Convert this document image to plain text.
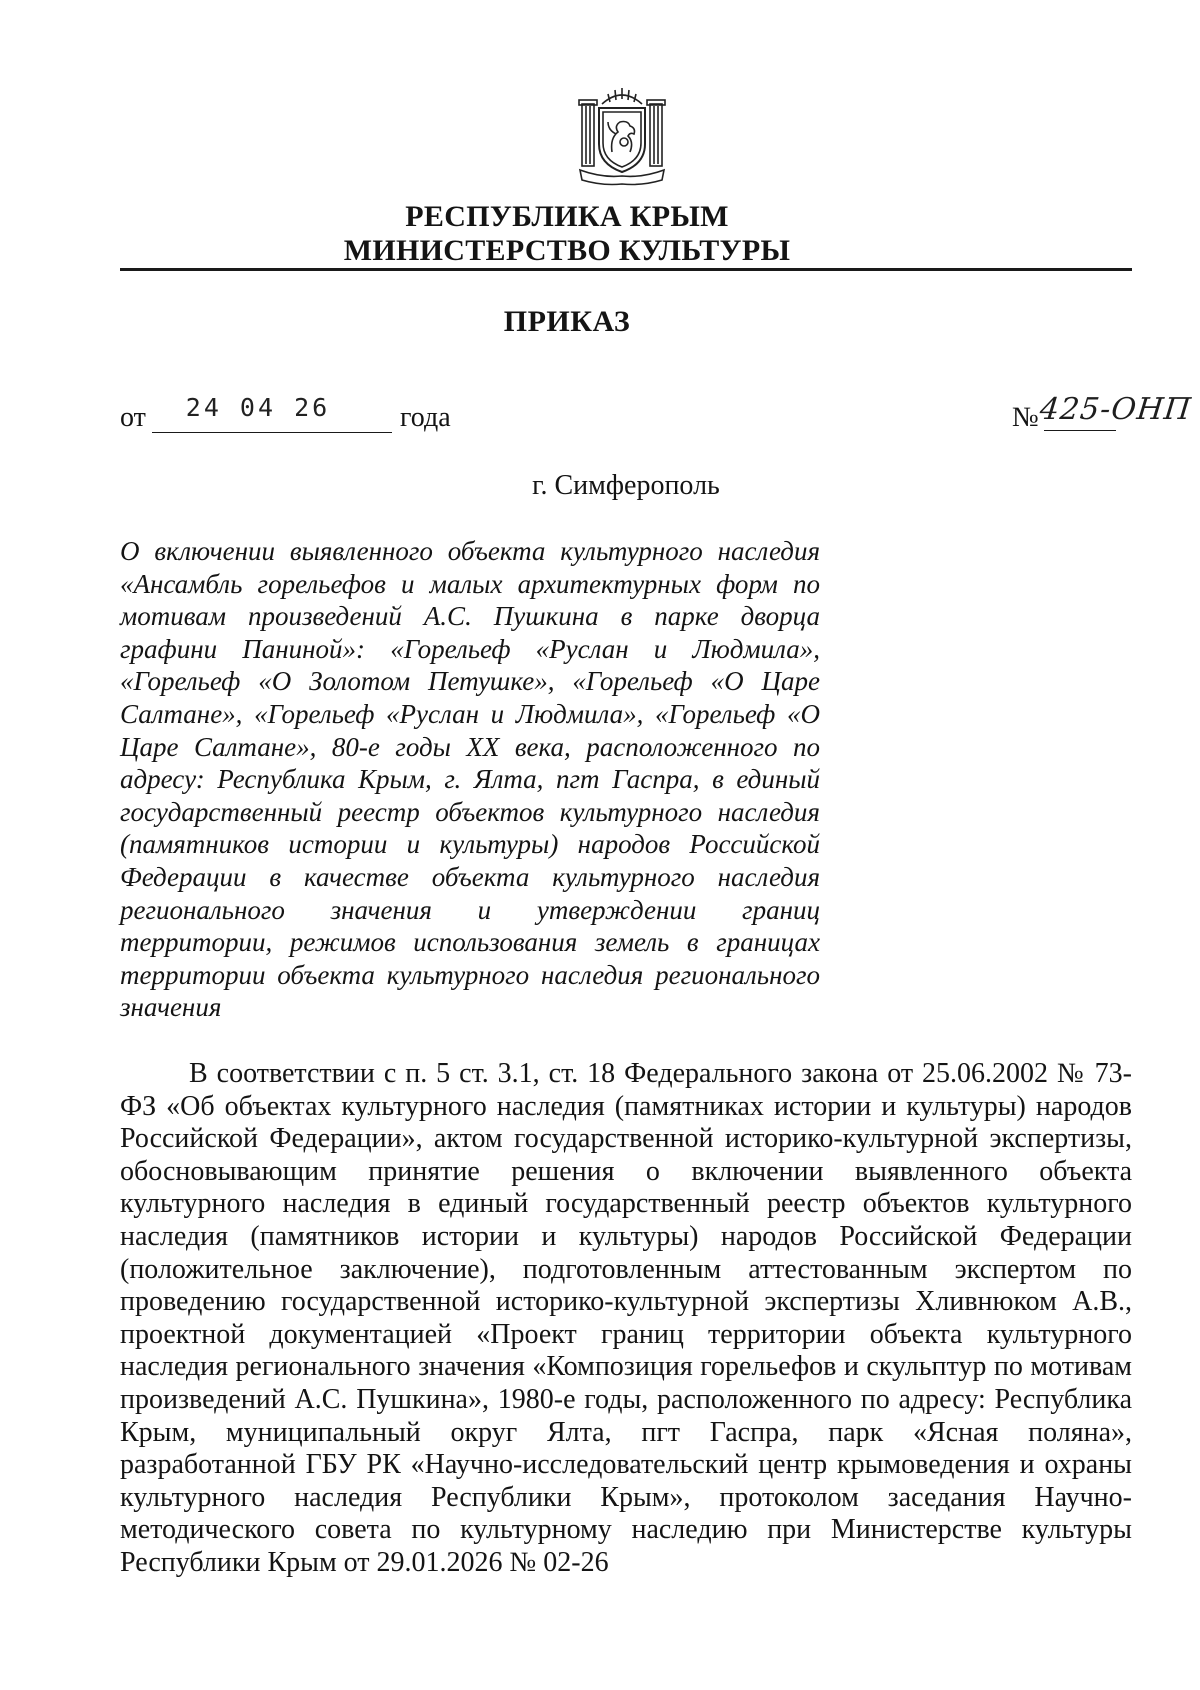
РЕСПУБЛИКА КРЫМ
МИНИСТЕРСТВО КУЛЬТУРЫ
ПРИКАЗ
от	24 04 26	года	№ 425-ОНП
г. Симферополь
О включении выявленного объекта культурного наследия «Ансамбль горельефов и малых архитектурных форм по мотивам произведений А.С. Пушкина в парке дворца графини Паниной»: «Горельеф «Руслан и Людмила», «Горельеф «О Золотом Петушке», «Горельеф «О Царе Салтане», «Горельеф «Руслан и Людмила», «Горельеф «О Царе Салтане», 80-е годы XX века, расположенного по адресу: Республика Крым, г. Ялта, пгт Гаспра, в единый государственный реестр объектов культурного наследия (памятников истории и культуры) народов Российской Федерации в качестве объекта культурного наследия регионального значения и утверждении границ территории, режимов использования земель в границах территории объекта культурного наследия регионального значения
В соответствии с п. 5 ст. 3.1, ст. 18 Федерального закона от 25.06.2002 № 73-ФЗ «Об объектах культурного наследия (памятниках истории и культуры) народов Российской Федерации», актом государственной историко-культурной экспертизы, обосновывающим принятие решения о включении выявленного объекта культурного наследия в единый государственный реестр объектов культурного наследия (памятников истории и культуры) народов Российской Федерации (положительное заключение), подготовленным аттестованным экспертом по проведению государственной историко-культурной экспертизы Хливнюком А.В., проектной документацией «Проект границ территории объекта культурного наследия регионального значения «Композиция горельефов и скульптур по мотивам произведений А.С. Пушкина», 1980-е годы, расположенного по адресу: Республика Крым, муниципальный округ Ялта, пгт Гаспра, парк «Ясная поляна», разработанной ГБУ РК «Научно-исследовательский центр крымоведения и охраны культурного наследия Республики Крым», протоколом заседания Научно-методического совета по культурному наследию при Министерстве культуры Республики Крым от 29.01.2026 № 02-26
